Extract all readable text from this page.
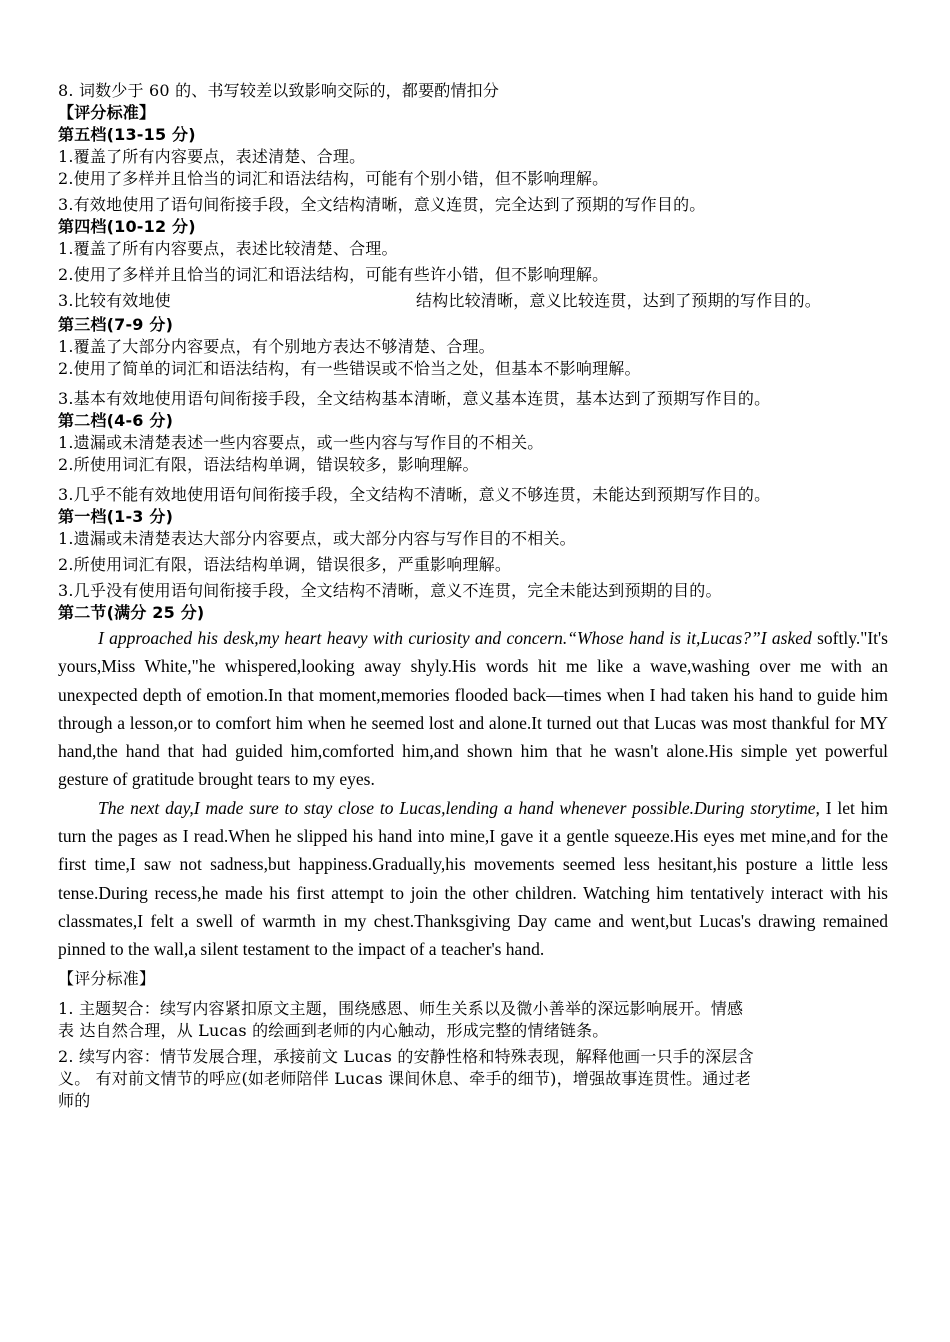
8. 词数少于 60 的、书写较差以致影响交际的，都要酌情扣分
【评分标准】
第五档(13-15 分)
1.覆盖了所有内容要点，表述清楚、合理。
2.使用了多样并且恰当的词汇和语法结构，可能有个别小错，但不影响理解。
3.有效地使用了语句间衔接手段，全文结构清晰，意义连贯，完全达到了预期的写作目的。
第四档(10-12 分)
1.覆盖了所有内容要点，表述比较清楚、合理。
2.使用了多样并且恰当的词汇和语法结构，可能有些许小错，但不影响理解。
3.比较有效地使	结构比较清晰，意义比较连贯，达到了预期的写作目的。
第三档(7-9 分)
1.覆盖了大部分内容要点，有个别地方表达不够清楚、合理。
2.使用了简单的词汇和语法结构，有一些错误或不恰当之处，但基本不影响理解。
3.基本有效地使用语句间衔接手段，全文结构基本清晰，意义基本连贯，基本达到了预期写作目的。
第二档(4-6 分)
1.遗漏或未清楚表述一些内容要点，或一些内容与写作目的不相关。
2.所使用词汇有限，语法结构单调，错误较多，影响理解。
3.几乎不能有效地使用语句间衔接手段，全文结构不清晰，意义不够连贯，未能达到预期写作目的。
第一档(1-3 分)
1.遗漏或未清楚表达大部分内容要点，或大部分内容与写作目的不相关。
2.所使用词汇有限，语法结构单调，错误很多，严重影响理解。
3.几乎没有使用语句间衔接手段，全文结构不清晰，意义不连贯，完全未能达到预期的目的。
第二节(满分 25 分)

I approached his desk,my heart heavy with curiosity and concern.“Whose hand is it,Lucas?”I asked softly."It's yours,Miss White,"he whispered,looking away shyly.His words hit me like a wave,washing over me with an unexpected depth of emotion.In that moment,memories flooded back—times when I had taken his hand to guide him through a lesson,or to comfort him when he seemed lost and alone.It turned out that Lucas was most thankful for MY hand,the hand that had guided him,comforted him,and shown him that he wasn't alone.His simple yet powerful gesture of gratitude brought tears to my eyes.

The next day,I made sure to stay close to Lucas,lending a hand whenever possible.During storytime, I let him turn the pages as I read.When he slipped his hand into mine,I gave it a gentle squeeze.His eyes met mine,and for the first time,I saw not sadness,but happiness.Gradually,his movements seemed less hesitant,his posture a little less tense.During recess,he made his first attempt to join the other children. Watching him tentatively interact with his classmates,I felt a swell of warmth in my chest.Thanksgiving Day came and went,but Lucas's drawing remained pinned to the wall,a silent testament to the impact of a teacher's hand.

【评分标准】
1. 主题契合：续写内容紧扣原文主题，围绕感恩、师生关系以及微小善举的深远影响展开。情感
表 达自然合理，从 Lucas 的绘画到老师的内心触动，形成完整的情绪链条。
2. 续写内容：情节发展合理，承接前文 Lucas 的安静性格和特殊表现，解释他画一只手的深层含
义。 有对前文情节的呼应(如老师陪伴 Lucas 课间休息、牵手的细节)，增强故事连贯性。通过老
师的
